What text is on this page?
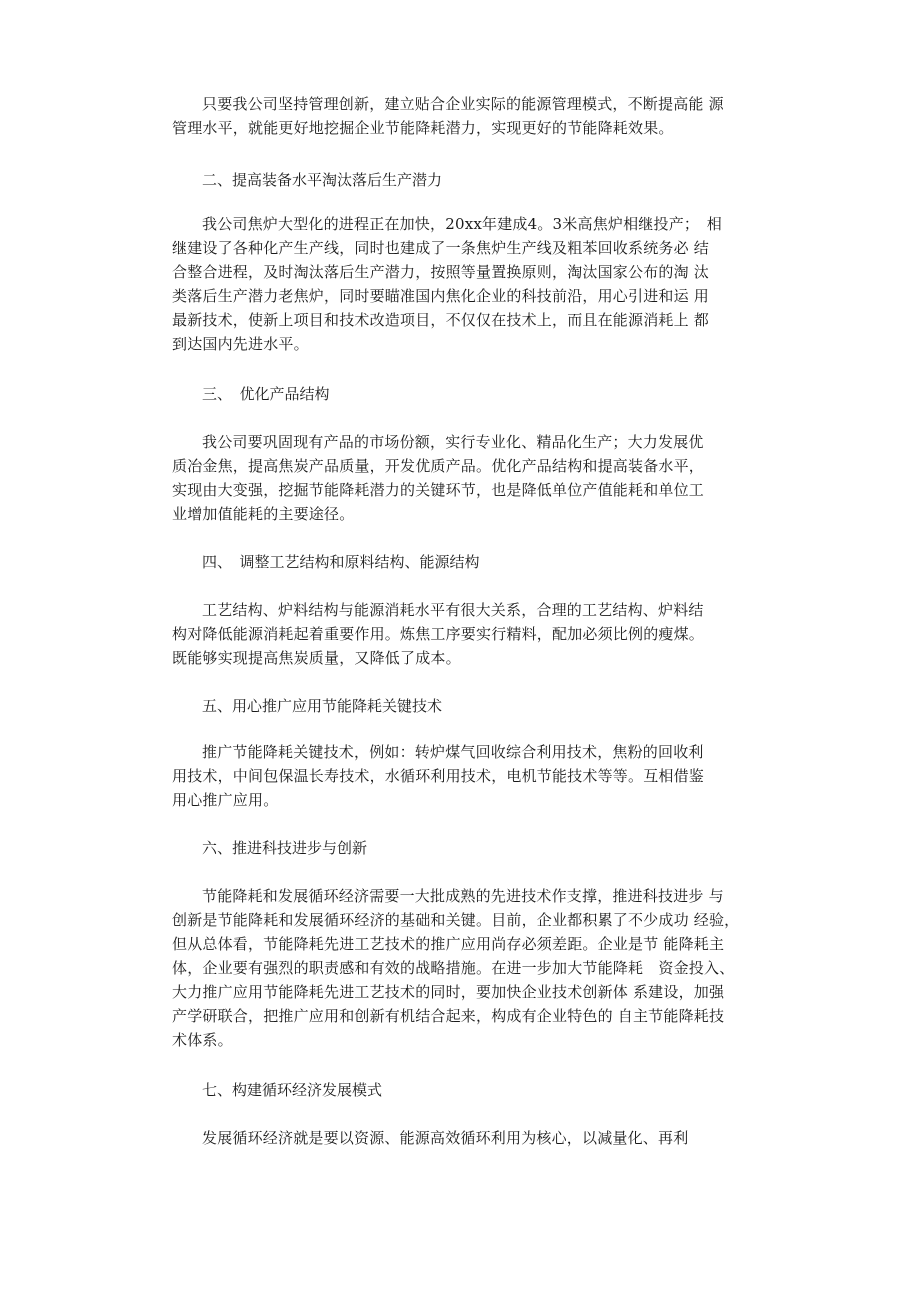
只要我公司坚持管理创新，建立贴合企业实际的能源管理模式，不断提高能 源
管理水平，就能更好地挖掘企业节能降耗潜力，实现更好的节能降耗效果。
二、提高装备水平淘汰落后生产潜力
我公司焦炉大型化的进程正在加快，20xx年建成4。3米高焦炉相继投产；　相
继建设了各种化产生产线，同时也建成了一条焦炉生产线及粗苯回收系统务必 结
合整合进程，及时淘汰落后生产潜力，按照等量置换原则，淘汰国家公布的淘 汰
类落后生产潜力老焦炉，同时要瞄准国内焦化企业的科技前沿，用心引进和运 用
最新技术，使新上项目和技术改造项目，不仅仅在技术上，而且在能源消耗上 都
到达国内先进水平。
三、　优化产品结构
我公司要巩固现有产品的市场份额，实行专业化、精品化生产；大力发展优
质冶金焦，提高焦炭产品质量，开发优质产品。优化产品结构和提高装备水平，
实现由大变强，挖掘节能降耗潜力的关键环节，也是降低单位产值能耗和单位工
业增加值能耗的主要途径。
四、　调整工艺结构和原料结构、能源结构
工艺结构、炉料结构与能源消耗水平有很大关系，合理的工艺结构、炉料结
构对降低能源消耗起着重要作用。炼焦工序要实行精料，配加必须比例的瘦煤。
既能够实现提高焦炭质量，又降低了成本。
五、用心推广应用节能降耗关键技术
推广节能降耗关键技术，例如：转炉煤气回收综合利用技术，焦粉的回收利
用技术，中间包保温长寿技术，水循环利用技术，电机节能技术等等。互相借鉴
用心推广应用。
六、推进科技进步与创新
节能降耗和发展循环经济需要一大批成熟的先进技术作支撑，推进科技进步 与
创新是节能降耗和发展循环经济的基础和关键。目前，企业都积累了不少成功 经验，
但从总体看，节能降耗先进工艺技术的推广应用尚存必须差距。企业是节 能降耗主
体，企业要有强烈的职责感和有效的战略措施。在进一步加大节能降耗　资金投入、
大力推广应用节能降耗先进工艺技术的同时，要加快企业技术创新体 系建设，加强
产学研联合，把推广应用和创新有机结合起来，构成有企业特色的 自主节能降耗技
术体系。
七、构建循环经济发展模式
发展循环经济就是要以资源、能源高效循环利用为核心，以减量化、再利
